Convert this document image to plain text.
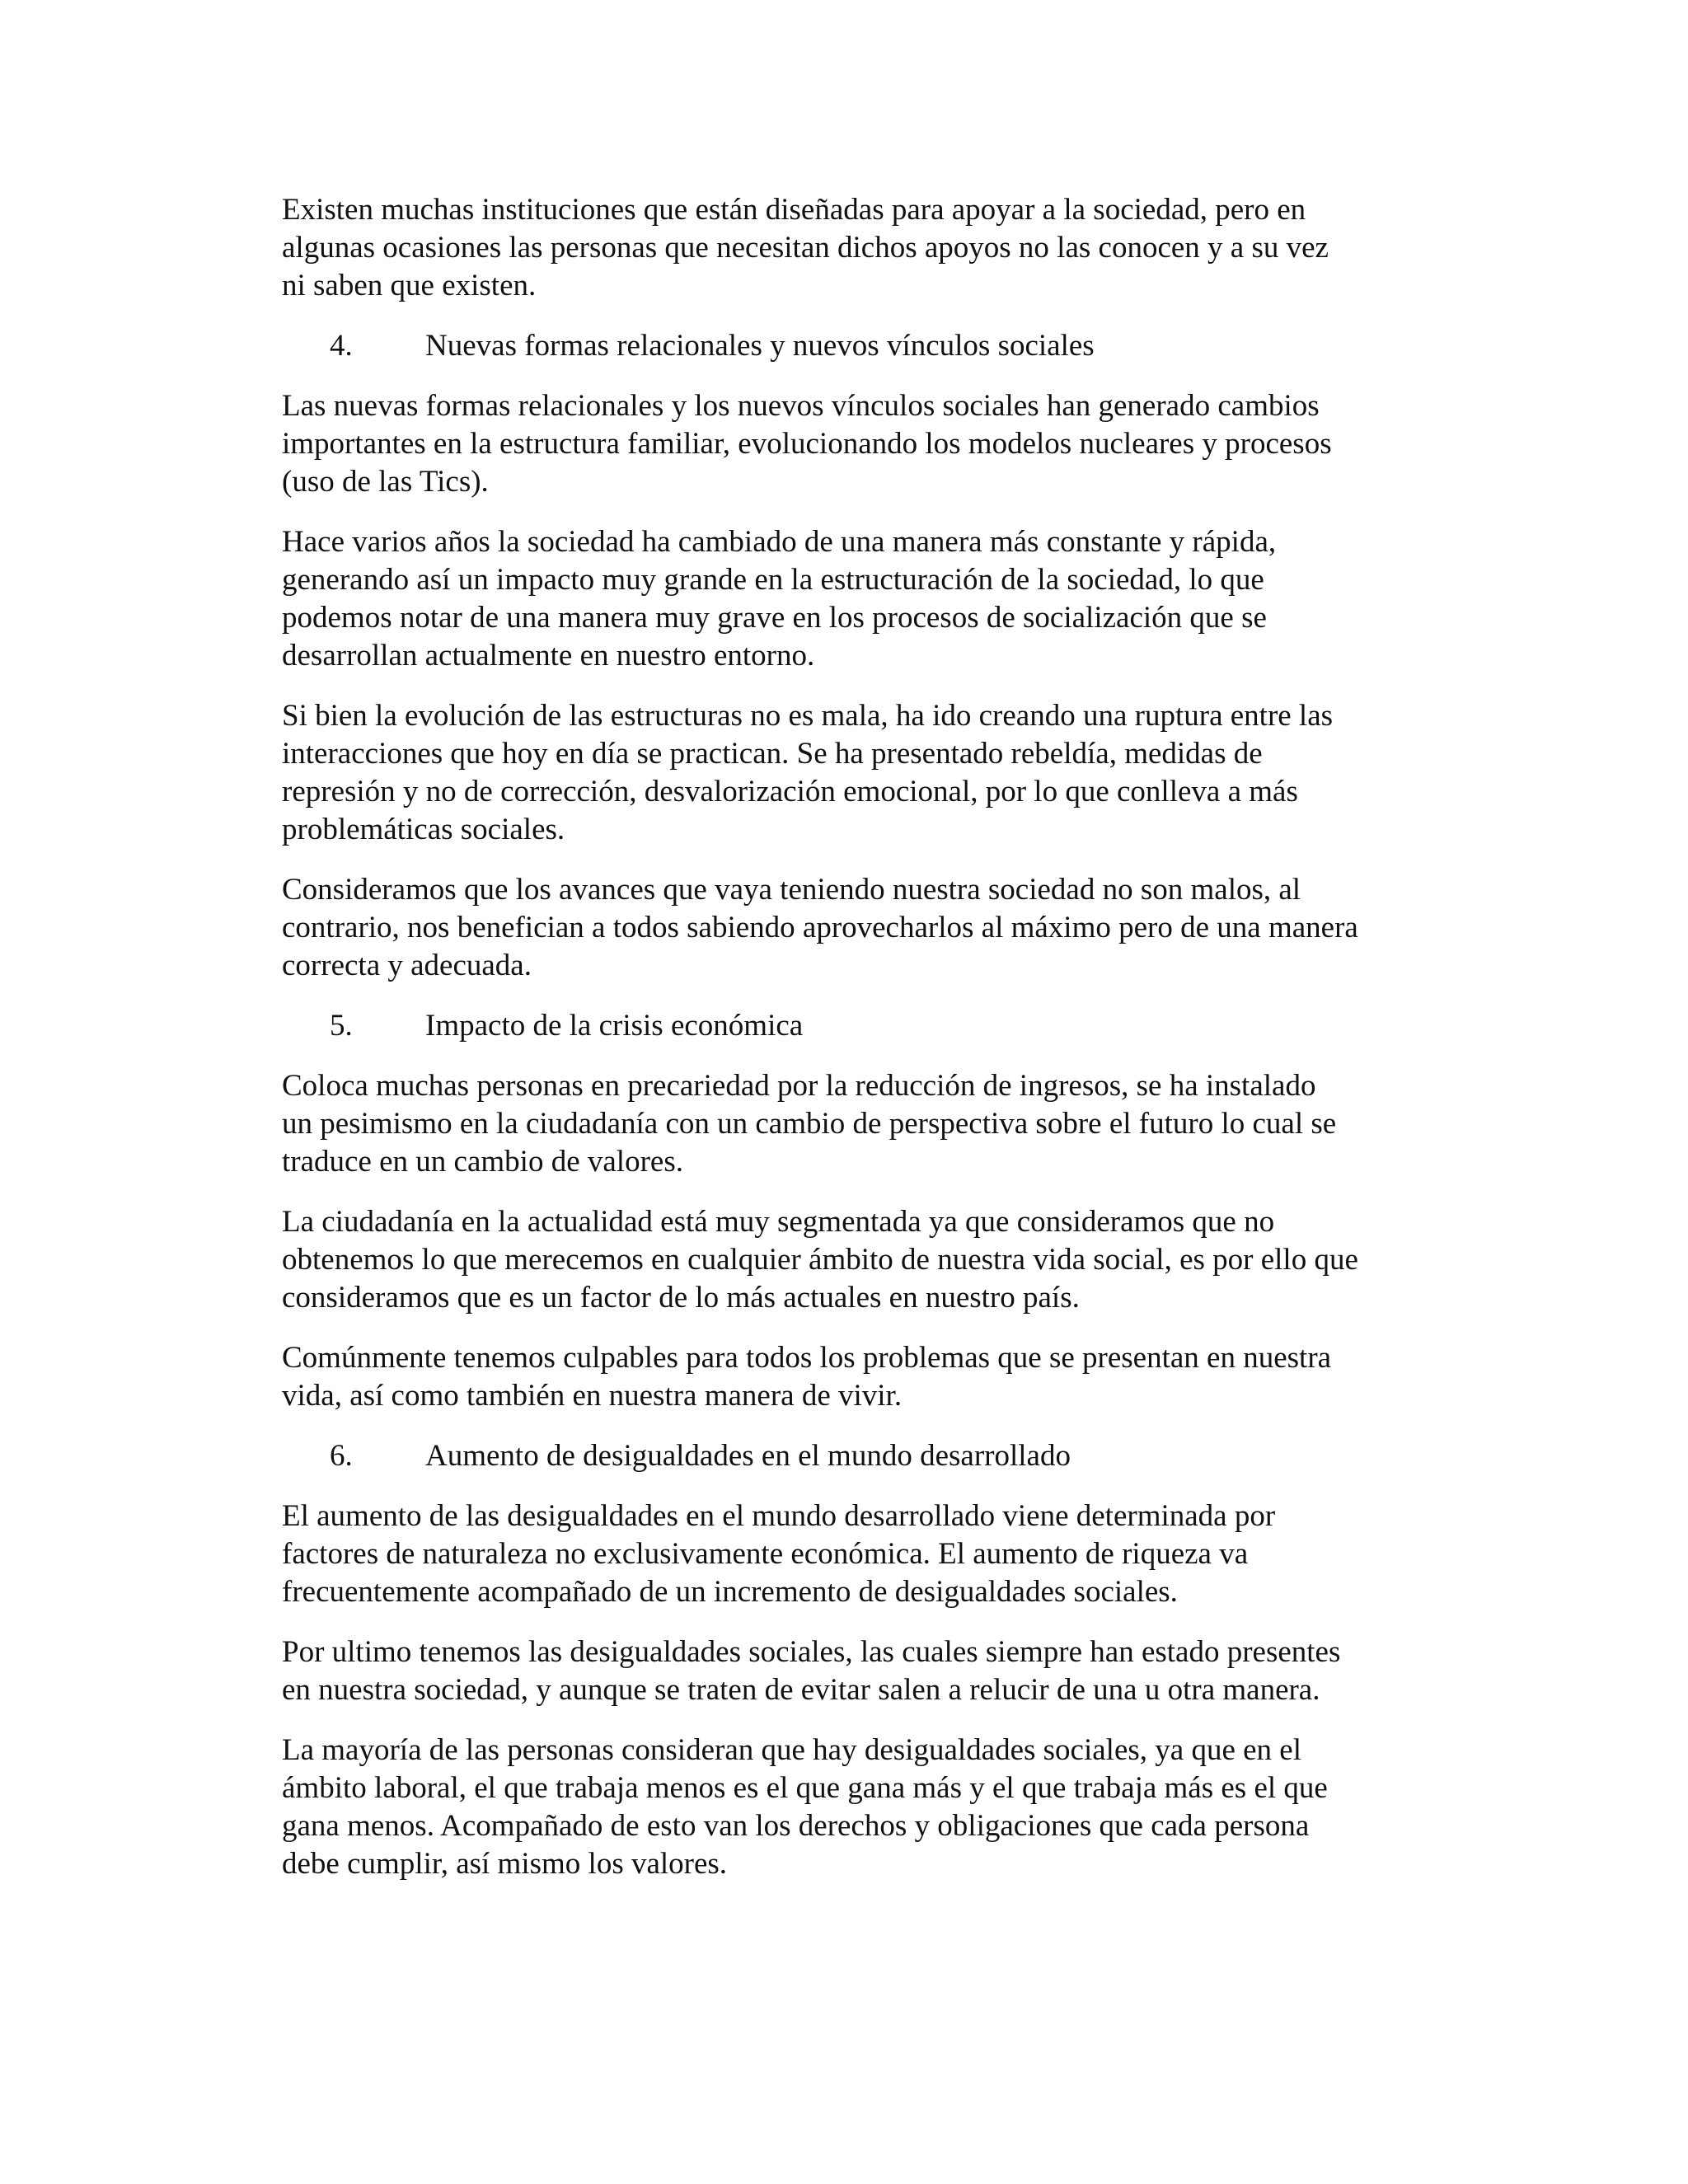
Existen muchas instituciones que están diseñadas para apoyar a la sociedad, pero en
algunas ocasiones las personas que necesitan dichos apoyos no las conocen y a su vez
ni saben que existen.

4.	Nuevas formas relacionales y nuevos vínculos sociales

Las nuevas formas relacionales y los nuevos vínculos sociales han generado cambios
importantes en la estructura familiar, evolucionando los modelos nucleares y procesos
(uso de las Tics).

Hace varios años la sociedad ha cambiado de una manera más constante y rápida,
generando así un impacto muy grande en la estructuración de la sociedad, lo que
podemos notar de una manera muy grave en los procesos de socialización que se
desarrollan actualmente en nuestro entorno.

Si bien la evolución de las estructuras no es mala, ha ido creando una ruptura entre las
interacciones que hoy en día se practican. Se ha presentado rebeldía, medidas de
represión y no de corrección, desvalorización emocional, por lo que conlleva a más
problemáticas sociales.

Consideramos que los avances que vaya teniendo nuestra sociedad no son malos, al
contrario, nos benefician a todos sabiendo aprovecharlos al máximo pero de una manera
correcta y adecuada.

5.	Impacto de la crisis económica

Coloca muchas personas en precariedad por la reducción de ingresos, se ha instalado
un pesimismo en la ciudadanía con un cambio de perspectiva sobre el futuro lo cual se
traduce en un cambio de valores.

La ciudadanía en la actualidad está muy segmentada ya que consideramos que no
obtenemos lo que merecemos en cualquier ámbito de nuestra vida social, es por ello que
consideramos que es un factor de lo más actuales en nuestro país.

Comúnmente tenemos culpables para todos los problemas que se presentan en nuestra
vida, así como también en nuestra manera de vivir.

6.	Aumento de desigualdades en el mundo desarrollado

El aumento de las desigualdades en el mundo desarrollado viene determinada por
factores de naturaleza no exclusivamente económica. El aumento de riqueza va
frecuentemente acompañado de un incremento de desigualdades sociales.

Por ultimo tenemos las desigualdades sociales, las cuales siempre han estado presentes
en nuestra sociedad, y aunque se traten de evitar salen a relucir de una u otra manera.

La mayoría de las personas consideran que hay desigualdades sociales, ya que en el
ámbito laboral, el que trabaja menos es el que gana más y el que trabaja más es el que
gana menos. Acompañado de esto van los derechos y obligaciones que cada persona
debe cumplir, así mismo los valores.
